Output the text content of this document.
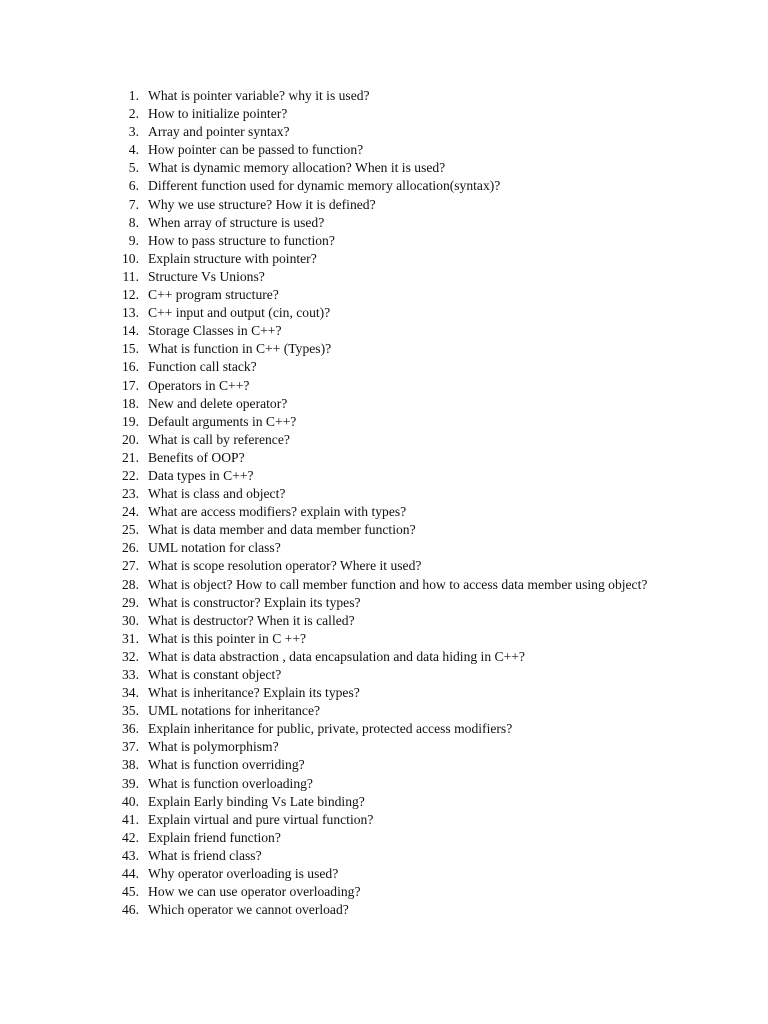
1. What is pointer variable? why it is used?
2. How to initialize pointer?
3. Array and pointer syntax?
4. How pointer can be passed to function?
5. What is dynamic memory allocation? When it is used?
6. Different function used for dynamic memory allocation(syntax)?
7. Why we use structure? How it is defined?
8. When array of structure is used?
9. How to pass structure to function?
10. Explain structure with pointer?
11. Structure Vs Unions?
12. C++ program structure?
13. C++ input and output (cin, cout)?
14. Storage Classes in C++?
15. What is function in C++ (Types)?
16. Function call stack?
17. Operators in C++?
18. New and delete operator?
19. Default arguments in C++?
20. What is call by reference?
21. Benefits of OOP?
22. Data types in C++?
23. What is class and object?
24. What are access modifiers? explain with types?
25. What is data member and data member function?
26. UML notation for class?
27. What is scope resolution operator? Where it used?
28. What is object? How to call member function and how to access data member using object?
29. What is constructor? Explain its types?
30. What is destructor? When it is called?
31. What is this pointer in C ++?
32. What is data abstraction , data encapsulation and data hiding in C++?
33. What is constant object?
34. What is inheritance? Explain its types?
35. UML notations for inheritance?
36. Explain inheritance for public, private, protected access modifiers?
37. What is polymorphism?
38. What is function overriding?
39. What is function overloading?
40. Explain Early binding Vs Late binding?
41. Explain virtual and pure virtual function?
42. Explain friend function?
43. What is friend class?
44. Why operator overloading is used?
45. How we can use operator overloading?
46. Which operator we cannot overload?
